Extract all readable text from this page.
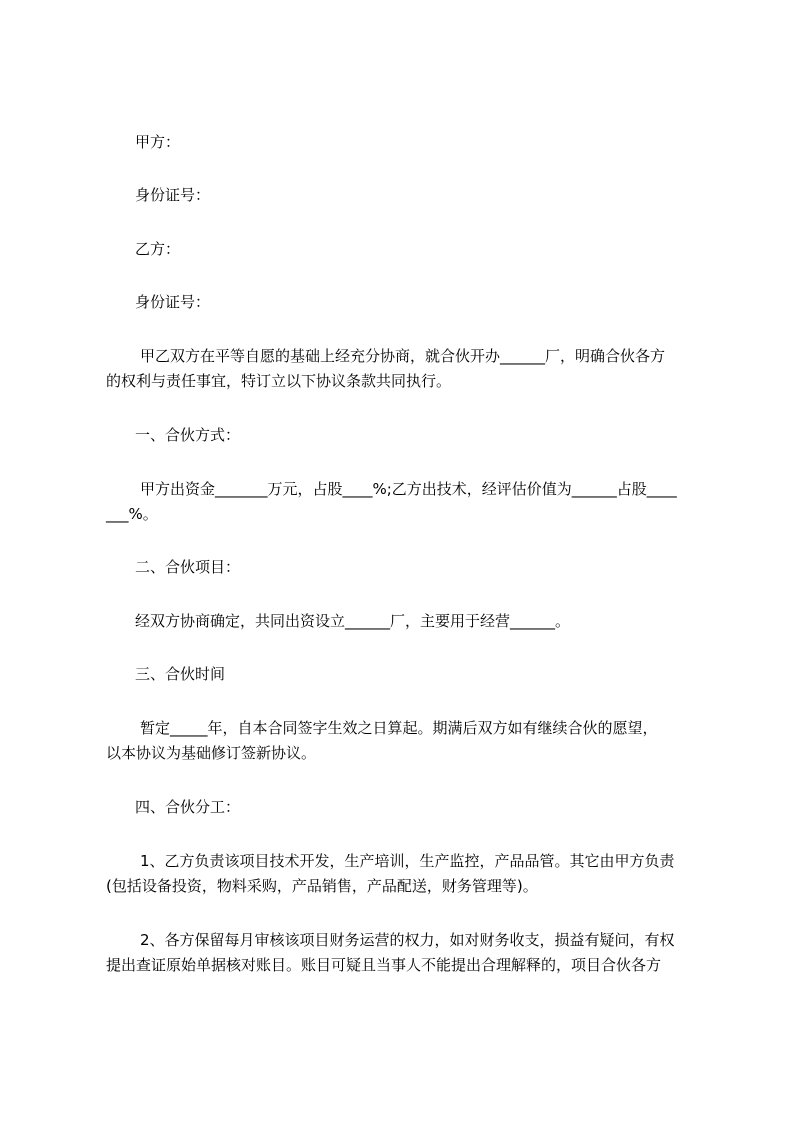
甲方：

身份证号：

乙方：

身份证号：

甲乙双方在平等自愿的基础上经充分协商，就合伙开办______厂，明确合伙各方

的权利与责任事宜，特订立以下协议条款共同执行。

一、合伙方式：

甲方出资金_______万元，占股____%;乙方出技术，经评估价值为______占股____

___%。

二、合伙项目：

经双方协商确定，共同出资设立______厂，主要用于经营______。

三、合伙时间

暂定_____年，自本合同签字生效之日算起。期满后双方如有继续合伙的愿望，

以本协议为基础修订签新协议。

四、合伙分工：

1、乙方负责该项目技术开发，生产培训，生产监控，产品品管。其它由甲方负责

(包括设备投资，物料采购，产品销售，产品配送，财务管理等)。

2、各方保留每月审核该项目财务运营的权力，如对财务收支，损益有疑问，有权

提出查证原始单据核对账目。账目可疑且当事人不能提出合理解释的，项目合伙各方
